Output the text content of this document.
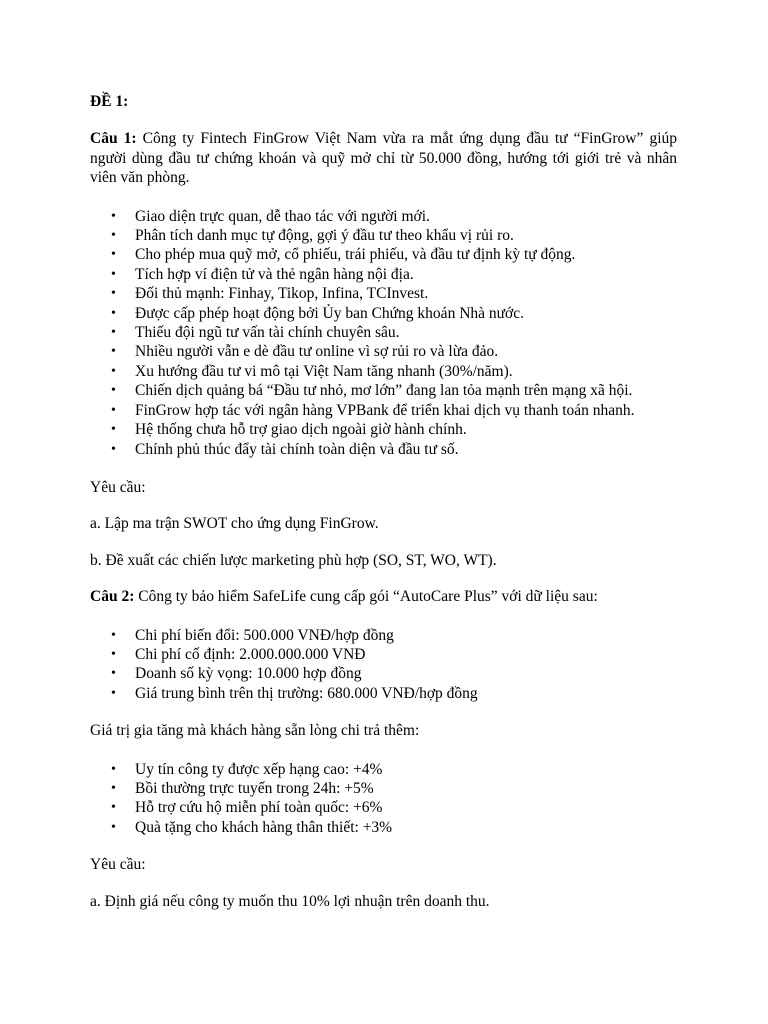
ĐỀ 1:

Câu 1: Công ty Fintech FinGrow Việt Nam vừa ra mắt ứng dụng đầu tư “FinGrow” giúp người dùng đầu tư chứng khoán và quỹ mở chỉ từ 50.000 đồng, hướng tới giới trẻ và nhân viên văn phòng.

• Giao diện trực quan, dễ thao tác với người mới.
• Phân tích danh mục tự động, gợi ý đầu tư theo khẩu vị rủi ro.
• Cho phép mua quỹ mở, cổ phiếu, trái phiếu, và đầu tư định kỳ tự động.
• Tích hợp ví điện tử và thẻ ngân hàng nội địa.
• Đối thủ mạnh: Finhay, Tikop, Infina, TCInvest.
• Được cấp phép hoạt động bởi Ủy ban Chứng khoán Nhà nước.
• Thiếu đội ngũ tư vấn tài chính chuyên sâu.
• Nhiều người vẫn e dè đầu tư online vì sợ rủi ro và lừa đảo.
• Xu hướng đầu tư vi mô tại Việt Nam tăng nhanh (30%/năm).
• Chiến dịch quảng bá “Đầu tư nhỏ, mơ lớn” đang lan tỏa mạnh trên mạng xã hội.
• FinGrow hợp tác với ngân hàng VPBank để triển khai dịch vụ thanh toán nhanh.
• Hệ thống chưa hỗ trợ giao dịch ngoài giờ hành chính.
• Chính phủ thúc đẩy tài chính toàn diện và đầu tư số.

Yêu cầu:

a. Lập ma trận SWOT cho ứng dụng FinGrow.

b. Đề xuất các chiến lược marketing phù hợp (SO, ST, WO, WT).

Câu 2: Công ty bảo hiểm SafeLife cung cấp gói “AutoCare Plus” với dữ liệu sau:

• Chi phí biến đổi: 500.000 VNĐ/hợp đồng
• Chi phí cố định: 2.000.000.000 VNĐ
• Doanh số kỳ vọng: 10.000 hợp đồng
• Giá trung bình trên thị trường: 680.000 VNĐ/hợp đồng

Giá trị gia tăng mà khách hàng sẵn lòng chi trả thêm:

• Uy tín công ty được xếp hạng cao: +4%
• Bồi thường trực tuyến trong 24h: +5%
• Hỗ trợ cứu hộ miễn phí toàn quốc: +6%
• Quà tặng cho khách hàng thân thiết: +3%

Yêu cầu:

a. Định giá nếu công ty muốn thu 10% lợi nhuận trên doanh thu.
